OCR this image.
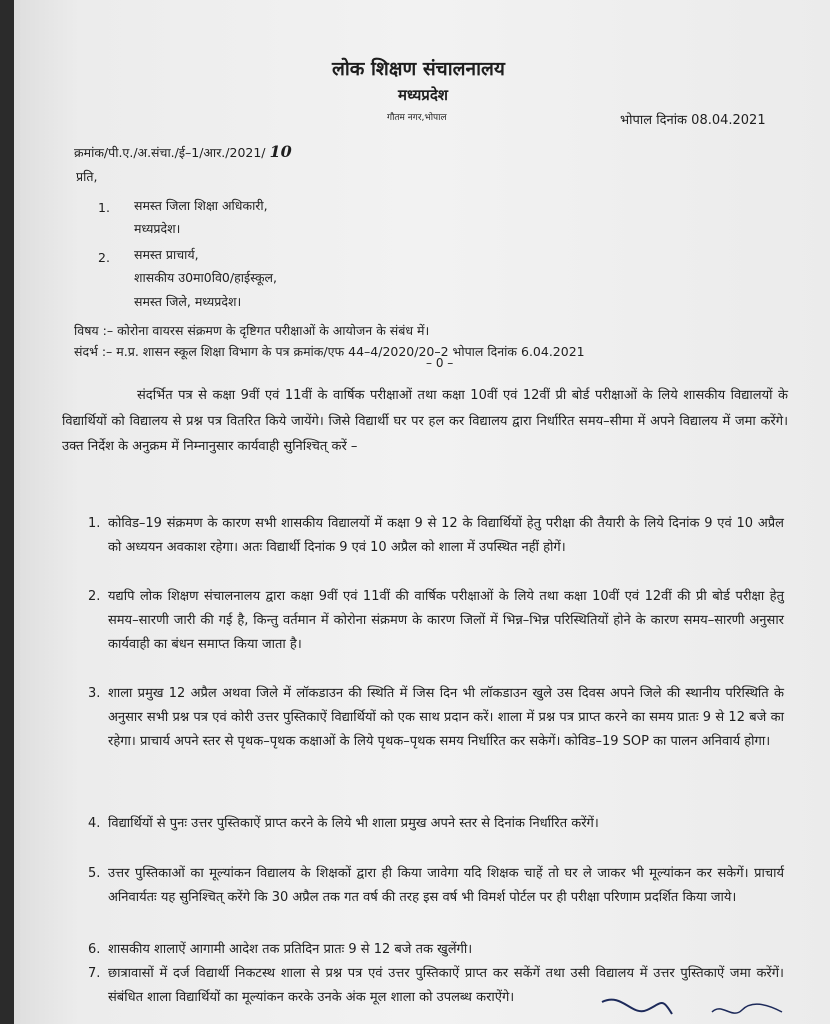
लोक शिक्षण संचालनालय
मध्यप्रदेश
गौतम नगर,भोपाल	भोपाल दिनांक 08.04.2021
क्रमांक/पी.ए./अ.संचा./ई–1/आर./2021/ 10
प्रति,
1. समस्त जिला शिक्षा अधिकारी,
मध्यप्रदेश।
2. समस्त प्राचार्य,
शासकीय उ0मा0वि0/हाईस्कूल,
समस्त जिले, मध्यप्रदेश।
विषय :– कोरोना वायरस संक्रमण के दृष्टिगत परीक्षाओं के आयोजन के संबंध में।
संदर्भ :– म.प्र. शासन स्कूल शिक्षा विभाग के पत्र क्रमांक/एफ 44–4/2020/20–2 भोपाल दिनांक 6.04.2021
– 0 –
संदर्भित पत्र से कक्षा 9वीं एवं 11वीं के वार्षिक परीक्षाओं तथा कक्षा 10वीं एवं 12वीं प्री बोर्ड परीक्षाओं के लिये शासकीय विद्यालयों के विद्यार्थियों को विद्यालय से प्रश्न पत्र वितरित किये जायेंगे। जिसे विद्यार्थी घर पर हल कर विद्यालय द्वारा निर्धारित समय–सीमा में अपने विद्यालय में जमा करेंगे। उक्त निर्देश के अनुक्रम में निम्नानुसार कार्यवाही सुनिश्चित् करें –
1. कोविड–19 संक्रमण के कारण सभी शासकीय विद्यालयों में कक्षा 9 से 12 के विद्यार्थियों हेतु परीक्षा की तैयारी के लिये दिनांक 9 एवं 10 अप्रैल को अध्ययन अवकाश रहेगा। अतः विद्यार्थी दिनांक 9 एवं 10 अप्रैल को शाला में उपस्थित नहीं होगें।
2. यद्यपि लोक शिक्षण संचालनालय द्वारा कक्षा 9वीं एवं 11वीं की वार्षिक परीक्षाओं के लिये तथा कक्षा 10वीं एवं 12वीं की प्री बोर्ड परीक्षा हेतु समय–सारणी जारी की गई है, किन्तु वर्तमान में कोरोना संक्रमण के कारण जिलों में भिन्न–भिन्न परिस्थितियों होने के कारण समय–सारणी अनुसार कार्यवाही का बंधन समाप्त किया जाता है।
3. शाला प्रमुख 12 अप्रैल अथवा जिले में लॉकडाउन की स्थिति में जिस दिन भी लॉकडाउन खुले उस दिवस अपने जिले की स्थानीय परिस्थिति के अनुसार सभी प्रश्न पत्र एवं कोरी उत्तर पुस्तिकाऐं विद्यार्थियों को एक साथ प्रदान करें। शाला में प्रश्न पत्र प्राप्त करने का समय प्रातः 9 से 12 बजे का रहेगा। प्राचार्य अपने स्तर से पृथक–पृथक कक्षाओं के लिये पृथक–पृथक समय निर्धारित कर सकेगें। कोविड–19 SOP का पालन अनिवार्य होगा।
4. विद्यार्थियों से पुनः उत्तर पुस्तिकाऐं प्राप्त करने के लिये भी शाला प्रमुख अपने स्तर से दिनांक निर्धारित करेंगें।
5. उत्तर पुस्तिकाओं का मूल्यांकन विद्यालय के शिक्षकों द्वारा ही किया जावेगा यदि शिक्षक चाहें तो घर ले जाकर भी मूल्यांकन कर सकेगें। प्राचार्य अनिवार्यतः यह सुनिश्चित् करेंगे कि 30 अप्रैल तक गत वर्ष की तरह इस वर्ष भी विमर्श पोर्टल पर ही परीक्षा परिणाम प्रदर्शित किया जाये।
6. शासकीय शालाऐं आगामी आदेश तक प्रतिदिन प्रातः 9 से 12 बजे तक खुलेंगी।
7. छात्रावासों में दर्ज विद्यार्थी निकटस्थ शाला से प्रश्न पत्र एवं उत्तर पुस्तिकाऐं प्राप्त कर सकेंगें तथा उसी विद्यालय में उत्तर पुस्तिकाऐं जमा करेंगें। संबंधित शाला विद्यार्थियों का मूल्यांकन करके उनके अंक मूल शाला को उपलब्ध कराऐंगे।
